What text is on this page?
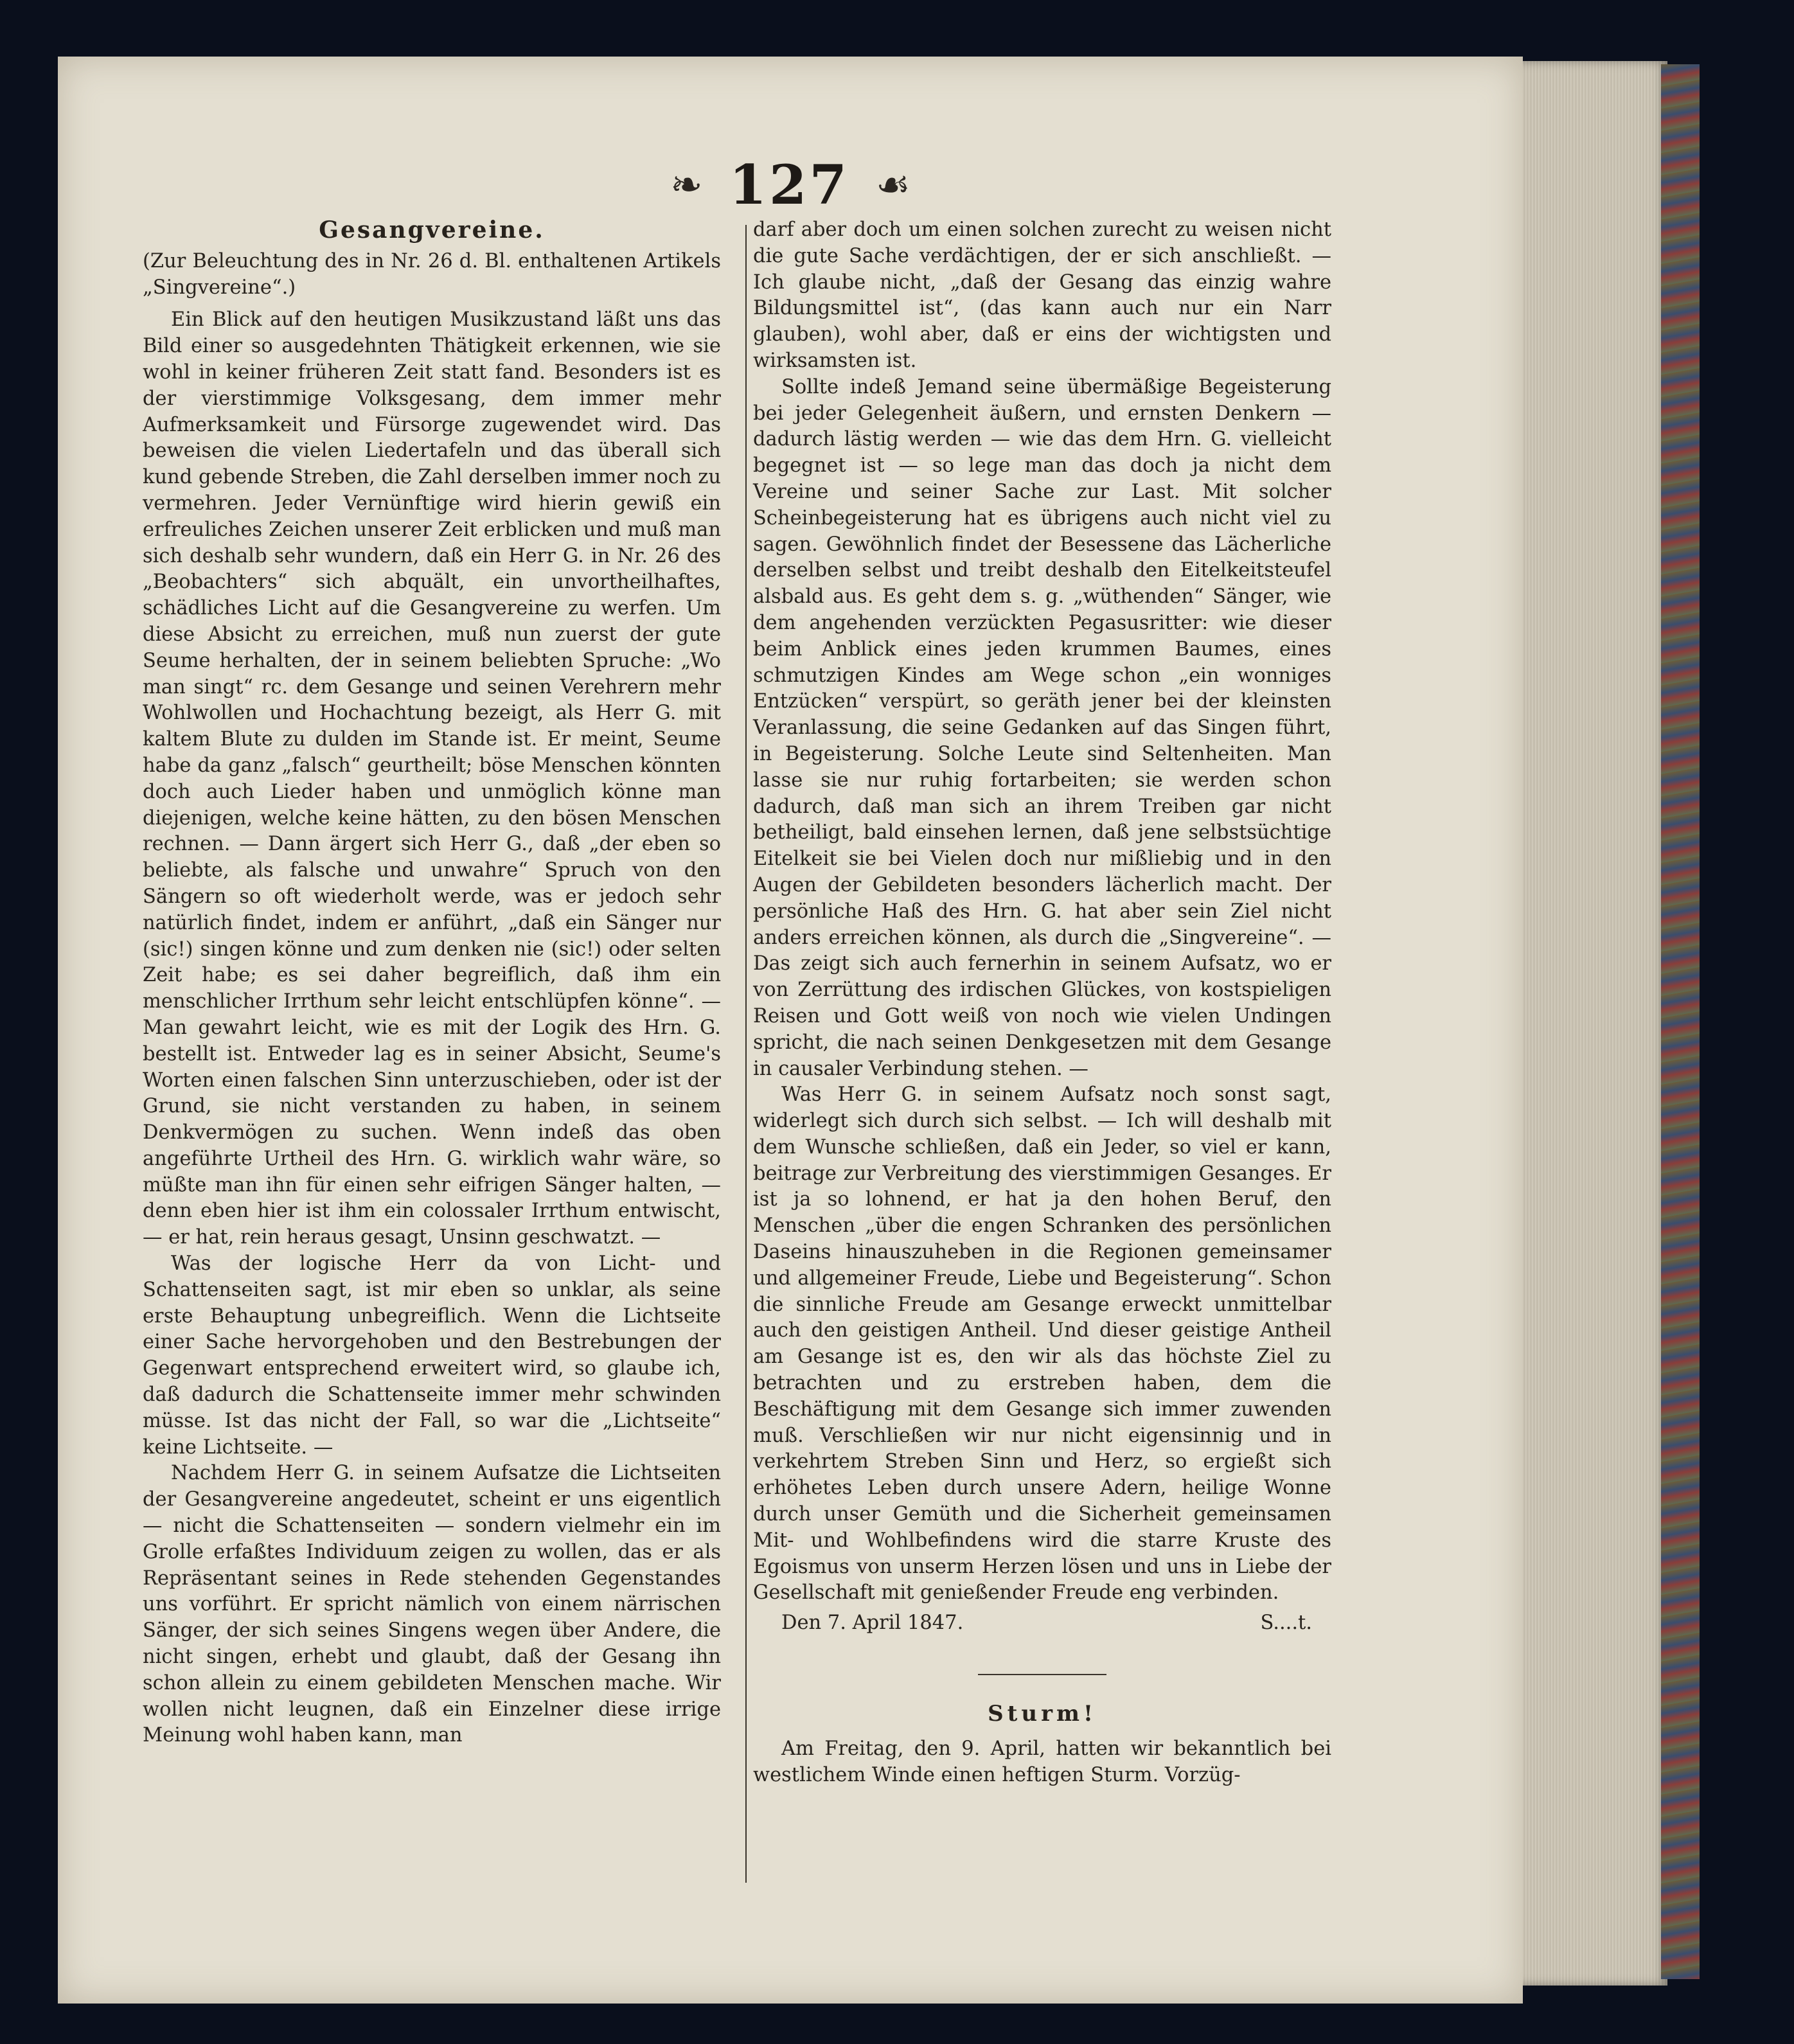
❧ 127 ☙

Gesangvereine.

(Zur Beleuchtung des in Nr. 26 d. Bl. enthaltenen Artikels „Singvereine“.)

Ein Blick auf den heutigen Musikzustand läßt uns das Bild einer so ausgedehnten Thätigkeit erkennen, wie sie wohl in keiner früheren Zeit statt fand. Besonders ist es der vierstimmige Volksgesang, dem immer mehr Aufmerksamkeit und Fürsorge zugewendet wird. Das beweisen die vielen Liedertafeln und das überall sich kund gebende Streben, die Zahl derselben immer noch zu vermehren. Jeder Vernünftige wird hierin gewiß ein erfreuliches Zeichen unserer Zeit erblicken und muß man sich deshalb sehr wundern, daß ein Herr G. in Nr. 26 des „Beobachters“ sich abquält, ein unvortheilhaftes, schädliches Licht auf die Gesangvereine zu werfen. Um diese Absicht zu erreichen, muß nun zuerst der gute Seume herhalten, der in seinem beliebten Spruche: „Wo man singt“ rc. dem Gesange und seinen Verehrern mehr Wohlwollen und Hochachtung bezeigt, als Herr G. mit kaltem Blute zu dulden im Stande ist. Er meint, Seume habe da ganz „falsch“ geurtheilt; böse Menschen könnten doch auch Lieder haben und unmöglich könne man diejenigen, welche keine hätten, zu den bösen Menschen rechnen. — Dann ärgert sich Herr G., daß „der eben so beliebte, als falsche und unwahre“ Spruch von den Sängern so oft wiederholt werde, was er jedoch sehr natürlich findet, indem er anführt, „daß ein Sänger nur (sic!) singen könne und zum denken nie (sic!) oder selten Zeit habe; es sei daher begreiflich, daß ihm ein menschlicher Irrthum sehr leicht entschlüpfen könne“. — Man gewahrt leicht, wie es mit der Logik des Hrn. G. bestellt ist. Entweder lag es in seiner Absicht, Seume's Worten einen falschen Sinn unterzuschieben, oder ist der Grund, sie nicht verstanden zu haben, in seinem Denkvermögen zu suchen. Wenn indeß das oben angeführte Urtheil des Hrn. G. wirklich wahr wäre, so müßte man ihn für einen sehr eifrigen Sänger halten, — denn eben hier ist ihm ein colossaler Irrthum entwischt, — er hat, rein heraus gesagt, Unsinn geschwatzt. —

Was der logische Herr da von Licht- und Schattenseiten sagt, ist mir eben so unklar, als seine erste Behauptung unbegreiflich. Wenn die Lichtseite einer Sache hervorgehoben und den Bestrebungen der Gegenwart entsprechend erweitert wird, so glaube ich, daß dadurch die Schattenseite immer mehr schwinden müsse. Ist das nicht der Fall, so war die „Lichtseite“ keine Lichtseite. —

Nachdem Herr G. in seinem Aufsatze die Lichtseiten der Gesangvereine angedeutet, scheint er uns eigentlich — nicht die Schattenseiten — sondern vielmehr ein im Grolle erfaßtes Individuum zeigen zu wollen, das er als Repräsentant seines in Rede stehenden Gegenstandes uns vorführt. Er spricht nämlich von einem närrischen Sänger, der sich seines Singens wegen über Andere, die nicht singen, erhebt und glaubt, daß der Gesang ihn schon allein zu einem gebildeten Menschen mache. Wir wollen nicht leugnen, daß ein Einzelner diese irrige Meinung wohl haben kann, man

darf aber doch um einen solchen zurecht zu weisen nicht die gute Sache verdächtigen, der er sich anschließt. — Ich glaube nicht, „daß der Gesang das einzig wahre Bildungsmittel ist“, (das kann auch nur ein Narr glauben), wohl aber, daß er eins der wichtigsten und wirksamsten ist.

Sollte indeß Jemand seine übermäßige Begeisterung bei jeder Gelegenheit äußern, und ernsten Denkern — dadurch lästig werden — wie das dem Hrn. G. vielleicht begegnet ist — so lege man das doch ja nicht dem Vereine und seiner Sache zur Last. Mit solcher Scheinbegeisterung hat es übrigens auch nicht viel zu sagen. Gewöhnlich findet der Besessene das Lächerliche derselben selbst und treibt deshalb den Eitelkeitsteufel alsbald aus. Es geht dem s. g. „wüthenden“ Sänger, wie dem angehenden verzückten Pegasusritter: wie dieser beim Anblick eines jeden krummen Baumes, eines schmutzigen Kindes am Wege schon „ein wonniges Entzücken“ verspürt, so geräth jener bei der kleinsten Veranlassung, die seine Gedanken auf das Singen führt, in Begeisterung. Solche Leute sind Seltenheiten. Man lasse sie nur ruhig fortarbeiten; sie werden schon dadurch, daß man sich an ihrem Treiben gar nicht betheiligt, bald einsehen lernen, daß jene selbstsüchtige Eitelkeit sie bei Vielen doch nur mißliebig und in den Augen der Gebildeten besonders lächerlich macht. Der persönliche Haß des Hrn. G. hat aber sein Ziel nicht anders erreichen können, als durch die „Singvereine“. — Das zeigt sich auch fernerhin in seinem Aufsatz, wo er von Zerrüttung des irdischen Glückes, von kostspieligen Reisen und Gott weiß von noch wie vielen Undingen spricht, die nach seinen Denkgesetzen mit dem Gesange in causaler Verbindung stehen. —

Was Herr G. in seinem Aufsatz noch sonst sagt, widerlegt sich durch sich selbst. — Ich will deshalb mit dem Wunsche schließen, daß ein Jeder, so viel er kann, beitrage zur Verbreitung des vierstimmigen Gesanges. Er ist ja so lohnend, er hat ja den hohen Beruf, den Menschen „über die engen Schranken des persönlichen Daseins hinauszuheben in die Regionen gemeinsamer und allgemeiner Freude, Liebe und Begeisterung“. Schon die sinnliche Freude am Gesange erweckt unmittelbar auch den geistigen Antheil. Und dieser geistige Antheil am Gesange ist es, den wir als das höchste Ziel zu betrachten und zu erstreben haben, dem die Beschäftigung mit dem Gesange sich immer zuwenden muß. Verschließen wir nur nicht eigensinnig und in verkehrtem Streben Sinn und Herz, so ergießt sich erhöhetes Leben durch unsere Adern, heilige Wonne durch unser Gemüth und die Sicherheit gemeinsamen Mit- und Wohlbefindens wird die starre Kruste des Egoismus von unserm Herzen lösen und uns in Liebe der Gesellschaft mit genießender Freude eng verbinden.

Den 7. April 1847.	S....t.

Sturm!

Am Freitag, den 9. April, hatten wir bekanntlich bei westlichem Winde einen heftigen Sturm. Vorzüg-
